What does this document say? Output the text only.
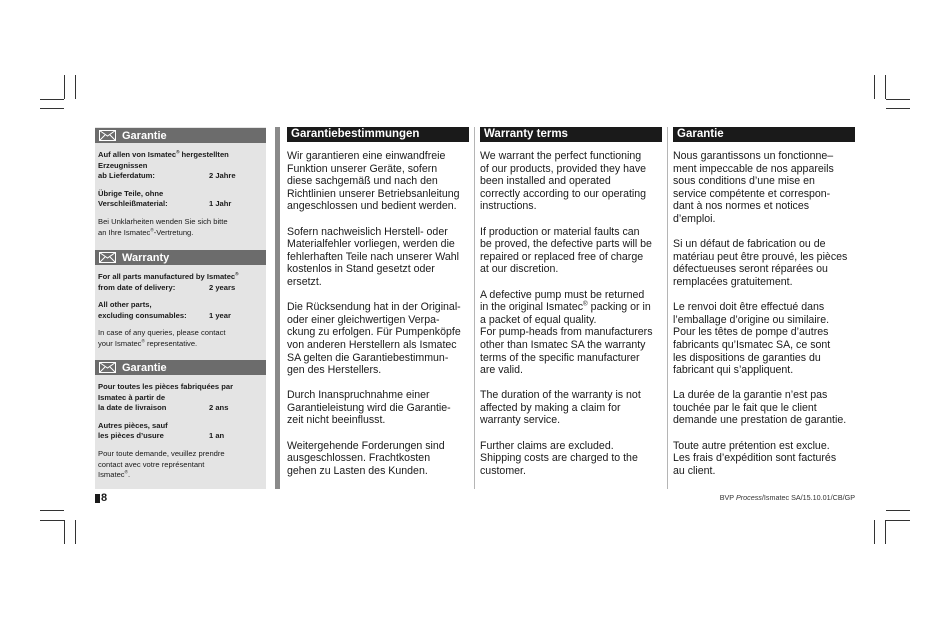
Garantie
Auf allen von Ismatec® hergestellten
Erzeugnissen
ab Lieferdatum:	2 Jahre
Übrige Teile, ohne
Verschleißmaterial:	1 Jahr
Bei Unklarheiten wenden Sie sich bitte
an Ihre Ismatec®-Vertretung.
Warranty
For all parts manufactured by Ismatec®
from date of delivery:	2 years
All other parts,
excluding consumables:	1 year
In case of any queries, please contact
your Ismatec® representative.
Garantie
Pour toutes les pièces fabriquées par
Ismatec à partir de
la date de livraison	2 ans
Autres pièces, sauf
les pièces d’usure	1 an
Pour toute demande, veuillez prendre
contact avec votre représentant
Ismatec®.
Garantiebestimmungen

Wir garantieren eine einwandfreie
Funktion unserer Geräte, sofern
diese sachgemäß und nach den
Richtlinien unserer Betriebsanleitung
angeschlossen und bedient werden.

Sofern nachweislich Herstell- oder
Materialfehler vorliegen, werden die
fehlerhaften Teile nach unserer Wahl
kostenlos in Stand gesetzt oder
ersetzt.

Die Rücksendung hat in der Original-
oder einer gleichwertigen Verpa-
ckung zu erfolgen. Für Pumpenköpfe
von anderen Herstellern als Ismatec
SA gelten die Garantiebestimmun-
gen des Herstellers.

Durch Inanspruchnahme einer
Garantieleistung wird die Garantie-
zeit nicht beeinflusst.

Weitergehende Forderungen sind
ausgeschlossen. Frachtkosten
gehen zu Lasten des Kunden.

Warranty terms

We warrant the perfect functioning
of our products, provided they have
been installed and operated
correctly according to our operating
instructions.

If production or material faults can
be proved, the defective parts will be
repaired or replaced free of charge
at our discretion.

A defective pump must be returned
in the original Ismatec® packing or in
a packet of equal quality.
For pump-heads from manufacturers
other than Ismatec SA the warranty
terms of the specific manufacturer
are valid.

The duration of the warranty is not
affected by making a claim for
warranty service.

Further claims are excluded.
Shipping costs are charged to the
customer.

Garantie

Nous garantissons un fonctionne–
ment impeccable de nos appareils
sous conditions d’une mise en
service compétente et correspon-
dant à nos normes et notices
d’emploi.

Si un défaut de fabrication ou de
matériau peut être prouvé, les pièces
défectueuses seront réparées ou
remplacées gratuitement.

Le renvoi doit être effectué dans
l’emballage d’origine ou similaire.
Pour les têtes de pompe d’autres
fabricants qu’Ismatec SA, ce sont
les dispositions de garanties du
fabricant qui s’appliquent.

La durée de la garantie n’est pas
touchée par le fait que le client
demande une prestation de garantie.

Toute autre prétention est exclue.
Les frais d’expédition sont facturés
au client.

8	BVP Process/Ismatec SA/15.10.01/CB/GP
